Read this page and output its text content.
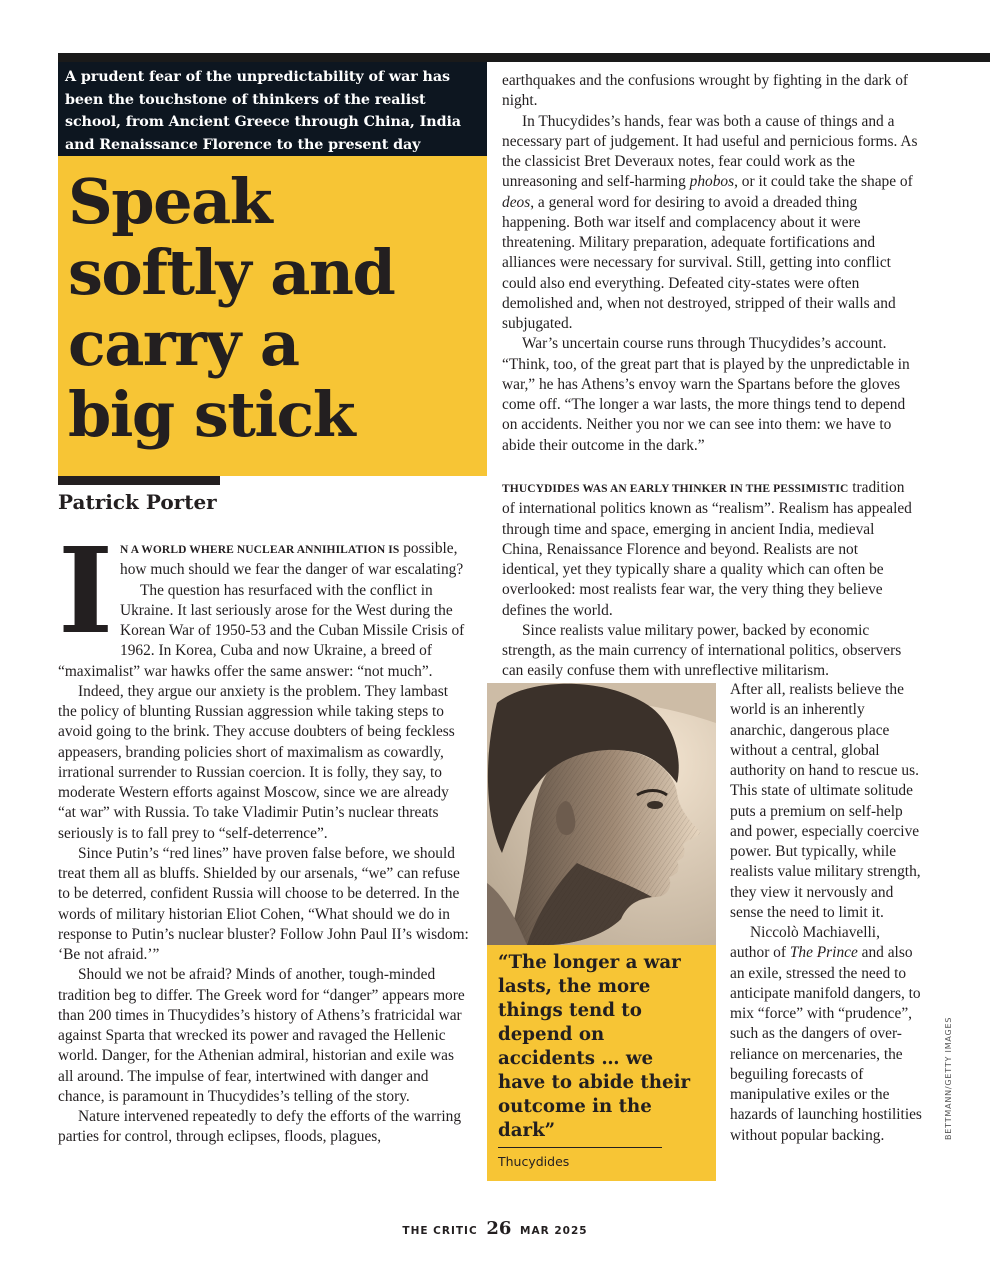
A prudent fear of the unpredictability of war has been the touchstone of thinkers of the realist school, from Ancient Greece through China, India and Renaissance Florence to the present day
Speak
softly and
carry a
big stick
Patrick Porter
I N A WORLD WHERE NUCLEAR ANNIHILATION IS possible, how much should we fear the danger of war escalating?

The question has resurfaced with the conflict in Ukraine. It last seriously arose for the West during the Korean War of 1950-53 and the Cuban Missile Crisis of 1962. In Korea, Cuba and now Ukraine, a breed of “maximalist” war hawks offer the same answer: “not much”.

Indeed, they argue our anxiety is the problem. They lambast the policy of blunting Russian aggression while taking steps to avoid going to the brink. They accuse doubters of being feckless appeasers, branding policies short of maximalism as cowardly, irrational surrender to Russian coercion. It is folly, they say, to moderate Western efforts against Moscow, since we are already “at war” with Russia. To take Vladimir Putin’s nuclear threats seriously is to fall prey to “self-deterrence”.

Since Putin’s “red lines” have proven false before, we should treat them all as bluffs. Shielded by our arsenals, “we” can refuse to be deterred, confident Russia will choose to be deterred. In the words of military historian Eliot Cohen, “What should we do in response to Putin’s nuclear bluster? Follow John Paul II’s wisdom: ‘Be not afraid.’”

Should we not be afraid? Minds of another, tough-minded tradition beg to differ. The Greek word for “danger” appears more than 200 times in Thucydides’s history of Athens’s fratricidal war against Sparta that wrecked its power and ravaged the Hellenic world. Danger, for the Athenian admiral, historian and exile was all around. The impulse of fear, intertwined with danger and chance, is paramount in Thucydides’s telling of the story.

Nature intervened repeatedly to defy the efforts of the warring parties for control, through eclipses, floods, plagues,

earthquakes and the confusions wrought by fighting in the dark of night.

In Thucydides’s hands, fear was both a cause of things and a necessary part of judgement. It had useful and pernicious forms. As the classicist Bret Deveraux notes, fear could work as the unreasoning and self-harming phobos, or it could take the shape of deos, a general word for desiring to avoid a dreaded thing happening. Both war itself and complacency about it were threatening. Military preparation, adequate fortifications and alliances were necessary for survival. Still, getting into conflict could also end everything. Defeated city-states were often demolished and, when not destroyed, stripped of their walls and subjugated.

War’s uncertain course runs through Thucydides’s account. “Think, too, of the great part that is played by the unpredictable in war,” he has Athens’s envoy warn the Spartans before the gloves come off. “The longer a war lasts, the more things tend to depend on accidents. Neither you nor we can see into them: we have to abide their outcome in the dark.”

THUCYDIDES WAS AN EARLY THINKER IN THE PESSIMISTIC tradition of international politics known as “realism”. Realism has appealed through time and space, emerging in ancient India, medieval China, Renaissance Florence and beyond. Realists are not identical, yet they typically share a quality which can often be overlooked: most realists fear war, the very thing they believe defines the world.

Since realists value military power, backed by economic strength, as the main currency of international politics, observers can easily confuse them with unreflective militarism.

“The longer a war lasts, the more things tend to depend on accidents … we have to abide their outcome in the dark”

Thucydides

After all, realists believe the world is an inherently anarchic, dangerous place without a central, global authority on hand to rescue us. This state of ultimate solitude puts a premium on self-help and power, especially coercive power. But typically, while realists value military strength, they view it nervously and sense the need to limit it.

Niccolò Machiavelli, author of The Prince and also an exile, stressed the need to anticipate manifold dangers, to mix “force” with “prudence”, such as the dangers of over-reliance on mercenaries, the beguiling forecasts of manipulative exiles or the hazards of launching hostilities without popular backing.	BETTMANN/GETTY IMAGES
THE CRITIC 26 MAR 2025
